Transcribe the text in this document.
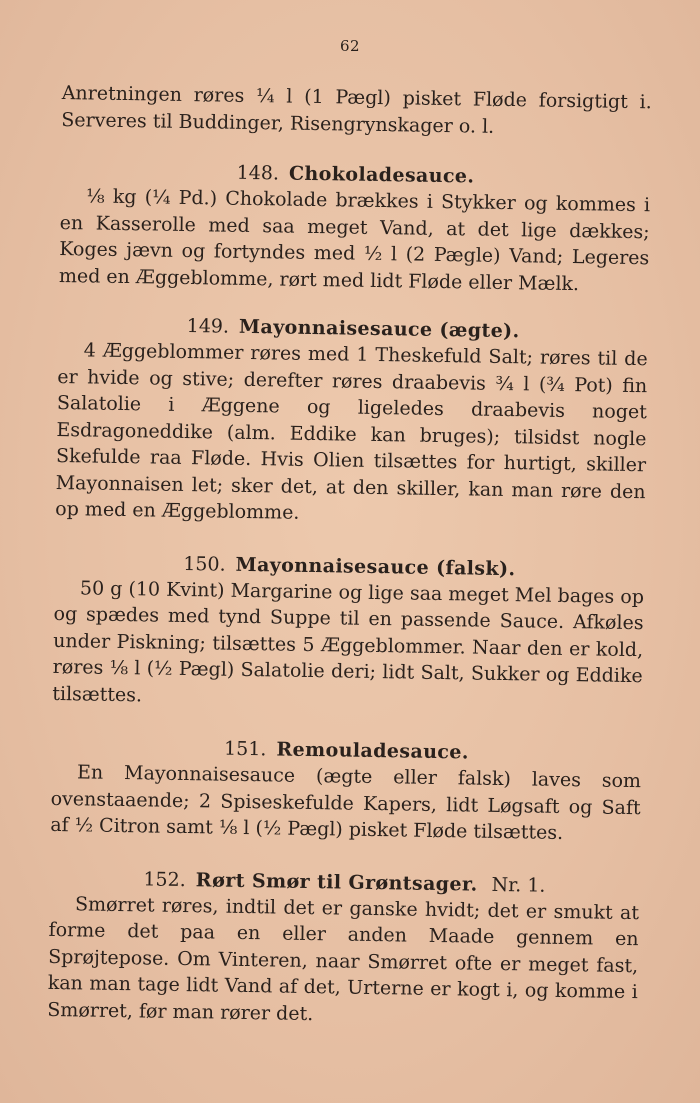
62

Anretningen røres ¼ l (1 Pægl) pisket Fløde forsigtigt i. Serveres til Buddinger, Risengrynskager o. l.

148. Chokoladesauce.

⅛ kg (¼ Pd.) Chokolade brækkes i Stykker og kommes i en Kasserolle med saa meget Vand, at det lige dækkes; Koges jævn og fortyndes med ½ l (2 Pægle) Vand; Legeres med en Æggeblomme, rørt med lidt Fløde eller Mælk.

149. Mayonnaisesauce (ægte).

4 Æggeblommer røres med 1 Theskefuld Salt; røres til de er hvide og stive; derefter røres draabevis ¾ l (¾ Pot) fin Salatolie i Æggene og ligeledes draabevis noget Esdragoneddike (alm. Eddike kan bruges); tilsidst nogle Skefulde raa Fløde. Hvis Olien tilsættes for hurtigt, skiller Mayonnaisen let; sker det, at den skiller, kan man røre den op med en Æggeblomme.

150. Mayonnaisesauce (falsk).

50 g (10 Kvint) Margarine og lige saa meget Mel bages op og spædes med tynd Suppe til en passende Sauce. Afkøles under Piskning; tilsættes 5 Æggeblommer. Naar den er kold, røres ⅛ l (½ Pægl) Salatolie deri; lidt Salt, Sukker og Eddike tilsættes.

151. Remouladesauce.

En Mayonnaisesauce (ægte eller falsk) laves som ovenstaaende; 2 Spiseskefulde Kapers, lidt Løgsaft og Saft af ½ Citron samt ⅛ l (½ Pægl) pisket Fløde tilsættes.

152. Rørt Smør til Grøntsager. Nr. 1.

Smørret røres, indtil det er ganske hvidt; det er smukt at forme det paa en eller anden Maade gennem en Sprøjtepose. Om Vinteren, naar Smørret ofte er meget fast, kan man tage lidt Vand af det, Urterne er kogt i, og komme i Smørret, før man rører det.
